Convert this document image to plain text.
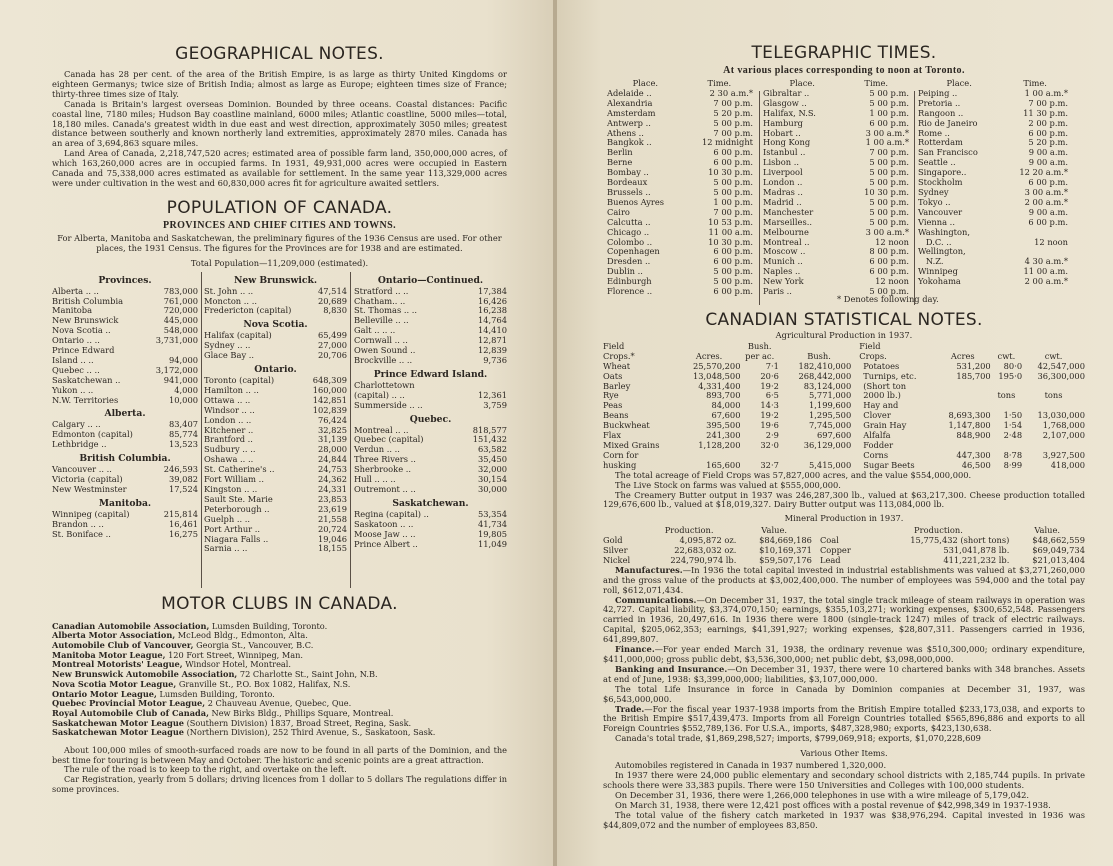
GEOGRAPHICAL NOTES.

Canada has 28 per cent. of the area of the British Empire, is as large as thirty United Kingdoms or eighteen Germanys; twice size of British India; almost as large as Europe; eighteen times size of France; thirty-three times size of Italy.

Canada is Britain's largest overseas Dominion. Bounded by three oceans. Coastal distances: Pacific coastal line, 7180 miles; Hudson Bay coastline mainland, 6000 miles; Atlantic coastline, 5000 miles—total, 18,180 miles. Canada's greatest width in due east and west direction, approximately 3050 miles; greatest distance between southerly and known northerly land extremities, approximately 2870 miles. Canada has an area of 3,694,863 square miles.

Land Area of Canada, 2,218,747,520 acres; estimated area of possible farm land, 350,000,000 acres, of which 163,260,000 acres are in occupied farms. In 1931, 49,931,000 acres were occupied in Eastern Canada and 75,338,000 acres estimated as available for settlement. In the same year 113,329,000 acres were under cultivation in the west and 60,830,000 acres fit for agriculture awaited settlers.

POPULATION OF CANADA.
PROVINCES AND CHIEF CITIES AND TOWNS.

For Alberta, Manitoba and Saskatchewan, the preliminary figures of the 1936 Census are used. For other places, the 1931 Census. The figures for the Provinces are for 1938 and are estimated.

Total Population—11,209,000 (estimated).

Provinces.	
Alberta .. ..	783,000
British Columbia	761,000
Manitoba	720,000
New Brunswick	445,000
Nova Scotia ..	548,000
Ontario .. ..	3,731,000
Prince Edward	
Island .. ..	94,000
Quebec .. ..	3,172,000
Saskatchewan ..	941,000
Yukon .. ..	4,000
N.W. Territories	10,000
Alberta.	
Calgary .. ..	83,407
Edmonton (capital)	85,774
Lethbridge ..	13,523
British Columbia.	
Vancouver .. ..	246,593
Victoria (capital)	39,082
New Westminster	17,524
Manitoba.	
Winnipeg (capital)	215,814
Brandon .. ..	16,461
St. Boniface ..	16,275
New Brunswick.	
St. John .. ..	47,514
Moncton .. ..	20,689
Fredericton (capital)	8,830
Nova Scotia.	
Halifax (capital)	65,499
Sydney .. ..	27,000
Glace Bay ..	20,706
Ontario.	
Toronto (capital)	648,309
Hamilton .. ..	160,000
Ottawa .. ..	142,851
Windsor .. ..	102,839
London .. ..	76,424
Kitchener ..	32,825
Brantford ..	31,139
Sudbury .. ..	28,000
Oshawa .. ..	24,844
St. Catherine's ..	24,753
Fort William ..	24,362
Kingston .. ..	24,331
Sault Ste. Marie	23,853
Peterborough ..	23,619
Guelph .. ..	21,558
Port Arthur ..	20,724
Niagara Falls ..	19,046
Sarnia .. ..	18,155
Ontario—Continued.	
Stratford .. ..	17,384
Chatham.. ..	16,426
St. Thomas .. ..	16,238
Belleville .. ..	14,764
Galt .. .. ..	14,410
Cornwall .. ..	12,871
Owen Sound ..	12,839
Brockville .. ..	9,736
Prince Edward Island.	
Charlottetown	
(capital) .. ..	12,361
Summerside .. ..	3,759
Quebec.	
Montreal .. ..	818,577
Quebec (capital)	151,432
Verdun .. ..	63,582
Three Rivers ..	35,450
Sherbrooke ..	32,000
Hull .. .. ..	30,154
Outremont .. ..	30,000
Saskatchewan.	
Regina (capital) ..	53,354
Saskatoon .. ..	41,734
Moose Jaw .. ..	19,805
Prince Albert ..	11,049
MOTOR CLUBS IN CANADA.

Canadian Automobile Association, Lumsden Building, Toronto.

Alberta Motor Association, McLeod Bldg., Edmonton, Alta.

Automobile Club of Vancouver, Georgia St., Vancouver, B.C.

Manitoba Motor League, 120 Fort Street, Winnipeg, Man.

Montreal Motorists' League, Windsor Hotel, Montreal.

New Brunswick Automobile Association, 72 Charlotte St., Saint John, N.B.

Nova Scotia Motor League, Granville St., P.O. Box 1082, Halifax, N.S.

Ontario Motor League, Lumsden Building, Toronto.

Quebec Provincial Motor League, 2 Chauveau Avenue, Quebec, Que.

Royal Automobile Club of Canada, New Birks Bldg., Phillips Square, Montreal.

Saskatchewan Motor League (Southern Division) 1837, Broad Street, Regina, Sask.

Saskatchewan Motor League (Northern Division), 252 Third Avenue, S., Saskatoon, Sask.

About 100,000 miles of smooth-surfaced roads are now to be found in all parts of the Dominion, and the best time for touring is between May and October. The historic and scenic points are a great attraction.

The rule of the road is to keep to the right, and overtake on the left.

Car Registration, yearly from 5 dollars; driving licences from 1 dollar to 5 dollars The regulations differ in some provinces.

TELEGRAPHIC TIMES.
At various places corresponding to noon at Toronto.
Place.	Time.
Adelaide ..	2 30 a.m.*
Alexandria	7 00 p.m.
Amsterdam	5 20 p.m.
Antwerp ..	5 00 p.m.
Athens ..	7 00 p.m.
Bangkok ..	12 midnight
Berlin	6 00 p.m.
Berne	6 00 p.m.
Bombay ..	10 30 p.m.
Bordeaux	5 00 p.m.
Brussels ..	5 00 p.m.
Buenos Ayres	1 00 p.m.
Cairo	7 00 p.m.
Calcutta ..	10 53 p.m.
Chicago ..	11 00 a.m.
Colombo ..	10 30 p.m.
Copenhagen	6 00 p.m.
Dresden ..	6 00 p.m.
Dublin ..	5 00 p.m.
Edinburgh	5 00 p.m.
Florence ..	6 00 p.m.
Place.	Time.
Gibraltar ..	5 00 p.m.
Glasgow ..	5 00 p.m.
Halifax, N.S.	1 00 p.m.
Hamburg	6 00 p.m.
Hobart ..	3 00 a.m.*
Hong Kong	1 00 a.m.*
Istanbul ..	7 00 p.m.
Lisbon ..	5 00 p.m.
Liverpool	5 00 p.m.
London ..	5 00 p.m.
Madras ..	10 30 p.m.
Madrid ..	5 00 p.m.
Manchester	5 00 p.m.
Marseilles..	5 00 p.m.
Melbourne	3 00 a.m.*
Montreal ..	12 noon
Moscow ..	8 00 p.m.
Munich ..	6 00 p.m.
Naples ..	6 00 p.m.
New York	12 noon
Paris ..	5 00 p.m.
Place.	Time.
Peiping ..	1 00 a.m.*
Pretoria ..	7 00 p.m.
Rangoon ..	11 30 p.m.
Rio de Janeiro	2 00 p.m.
Rome ..	6 00 p.m.
Rotterdam	5 20 p.m.
San Francisco	9 00 a.m.
Seattle ..	9 00 a.m.
Singapore..	12 20 a.m.*
Stockholm	6 00 p.m.
Sydney	3 00 a.m.*
Tokyo ..	2 00 a.m.*
Vancouver	9 00 a.m.
Vienna ..	6 00 p.m.
Washington,	
D.C. ..	12 noon
Wellington,	
N.Z.	4 30 a.m.*
Winnipeg	11 00 a.m.
Yokohama	2 00 a.m.*
* Denotes following day.
CANADIAN STATISTICAL NOTES.
Agricultural Production in 1937.
Field		Bush.		Field			
Crops.*	Acres.	per ac.	Bush.	Crops.	Acres	cwt.	cwt.
Wheat	25,570,200	7·1	182,410,000	Potatoes	531,200	80·0	42,547,000
Oats	13,048,500	20·6	268,442,000	Turnips, etc.	185,700	195·0	36,300,000
Barley	4,331,400	19·2	83,124,000	(Short ton			
Rye	893,700	6·5	5,771,000	2000 lb.)		tons	tons
Peas	84,000	14·3	1,199,600	Hay and			
Beans	67,600	19·2	1,295,500	Clover	8,693,300	1·50	13,030,000
Buckwheat	395,500	19·6	7,745,000	Grain Hay	1,147,800	1·54	1,768,000
Flax	241,300	2·9	697,600	Alfalfa	848,900	2·48	2,107,000
Mixed Grains	1,128,200	32·0	36,129,000	Fodder			
Corn for				Corns	447,300	8·78	3,927,500
husking	165,600	32·7	5,415,000	Sugar Beets	46,500	8·99	418,000

The total acreage of Field Crops was 57,827,000 acres, and the value $554,000,000.

The Live Stock on farms was valued at $555,000,000.

The Creamery Butter output in 1937 was 246,287,300 lb., valued at $63,217,300. Cheese production totalled 129,676,600 lb., valued at $18,019,327. Dairy Butter output was 113,084,000 lb.

Mineral Production in 1937.
	Production.	Value.		Production.	Value.
Gold	4,095,872 oz.	$84,669,186	Coal	15,775,432 (short tons)	$48,662,559
Silver	22,683,032 oz.	$10,169,371	Copper	531,041,878 lb.	$69,049,734
Nickel	224,790,974 lb.	$59,507,176	Lead	411,221,232 lb.	$21,013,404

Manufactures.—In 1936 the total capital invested in industrial establishments was valued at $3,271,260,000 and the gross value of the products at $3,002,400,000. The number of employees was 594,000 and the total pay roll, $612,071,434.

Communications.—On December 31, 1937, the total single track mileage of steam railways in operation was 42,727. Capital liability, $3,374,070,150; earnings, $355,103,271; working expenses, $300,652,548. Passengers carried in 1936, 20,497,616. In 1936 there were 1800 (single-track 1247) miles of track of electric railways. Capital, $205,062,353; earnings, $41,391,927; working expenses, $28,807,311. Passengers carried in 1936, 641,899,807.

Finance.—For year ended March 31, 1938, the ordinary revenue was $510,300,000; ordinary expenditure, $411,000,000; gross public debt, $3,536,300,000; net public debt, $3,098,000,000.

Banking and Insurance.—On December 31, 1937, there were 10 chartered banks with 348 branches. Assets at end of June, 1938: $3,399,000,000; liabilities, $3,107,000,000.

The total Life Insurance in force in Canada by Dominion companies at December 31, 1937, was $6,543,000,000.

Trade.—For the fiscal year 1937-1938 imports from the British Empire totalled $233,173,038, and exports to the British Empire $517,439,473. Imports from all Foreign Countries totalled $565,896,886 and exports to all Foreign Countries $552,789,136. For U.S.A., imports, $487,328,980; exports, $423,130,638.

Canada's total trade, $1,869,298,527; imports, $799,069,918; exports, $1,070,228,609

Various Other Items.

Automobiles registered in Canada in 1937 numbered 1,320,000.

In 1937 there were 24,000 public elementary and secondary school districts with 2,185,744 pupils. In private schools there were 33,383 pupils. There were 150 Universities and Colleges with 100,000 students.

On December 31, 1936, there were 1,266,000 telephones in use with a wire mileage of 5,179,042.

On March 31, 1938, there were 12,421 post offices with a postal revenue of $42,998,349 in 1937-1938.

The total value of the fishery catch marketed in 1937 was $38,976,294. Capital invested in 1936 was $44,809,072 and the number of employees 83,850.
